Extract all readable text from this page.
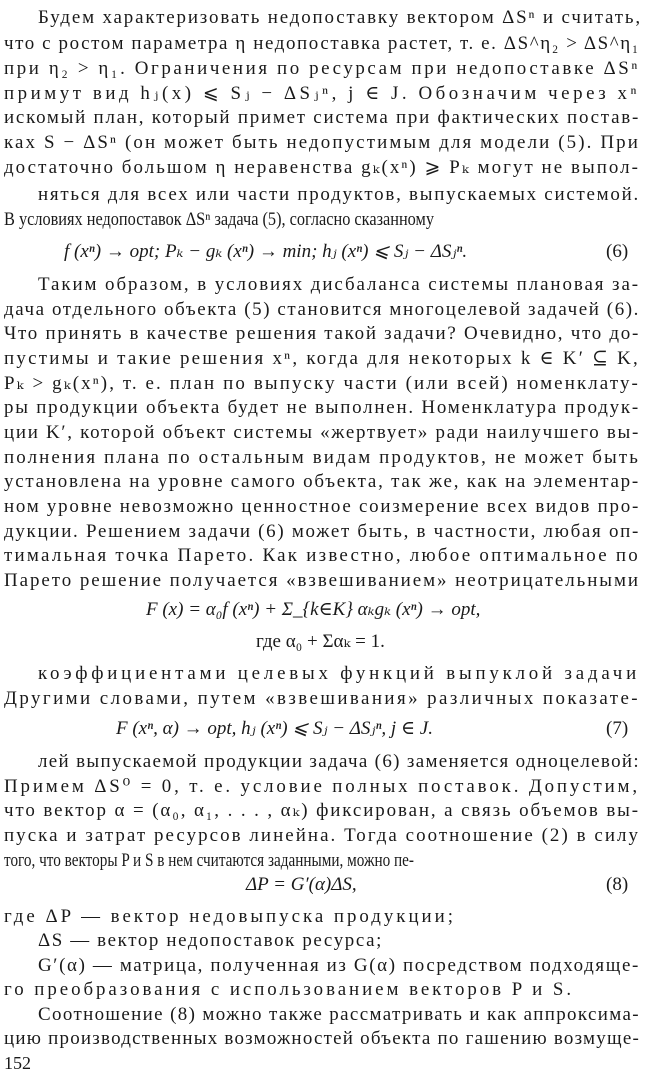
Будем характеризовать недопоставку вектором ΔSⁿ и считать,
что с ростом параметра η недопоставка растет, т. е. ΔS^η₂ > ΔS^η₁
при η₂ > η₁. Ограничения по ресурсам при недопоставке ΔSⁿ
примут вид hⱼ(x) ⩽ Sⱼ − ΔSⱼⁿ, j ∈ J. Обозначим через xⁿ
искомый план, который примет система при фактических постав-
ках S − ΔSⁿ (он может быть недопустимым для модели (5). При
достаточно большом η неравенства gₖ(xⁿ) ⩾ Pₖ могут не выпол-
няться для всех или части продуктов, выпускаемых системой.
В условиях недопоставок ΔSⁿ задача (5), согласно сказанному
f (xⁿ) → opt; Pₖ − gₖ (xⁿ) → min; hⱼ (xⁿ) ⩽ Sⱼ − ΔSⱼⁿ.	(6)
Таким образом, в условиях дисбаланса системы плановая за-
дача отдельного объекта (5) становится многоцелевой задачей (6).
Что принять в качестве решения такой задачи? Очевидно, что до-
пустимы и такие решения xⁿ, когда для некоторых k ∈ K′ ⊆ K,
Pₖ > gₖ(xⁿ), т. е. план по выпуску части (или всей) номенклату-
ры продукции объекта будет не выполнен. Номенклатура продук-
ции K′, которой объект системы «жертвует» ради наилучшего вы-
полнения плана по остальным видам продуктов, не может быть
установлена на уровне самого объекта, так же, как на элементар-
ном уровне невозможно ценностное соизмерение всех видов про-
дукции. Решением задачи (6) может быть, в частности, любая оп-
тимальная точка Парето. Как известно, любое оптимальное по
Парето решение получается «взвешиванием» неотрицательными
F (x) = α₀f (xⁿ) + Σ_{k∈K} αₖgₖ (xⁿ) → opt,
где α₀ + Σαₖ = 1.
коэффициентами целевых функций выпуклой задачи
Другими словами, путем «взвешивания» различных показате-
F (xⁿ, α) → opt, hⱼ (xⁿ) ⩽ Sⱼ − ΔSⱼⁿ, j ∈ J.	(7)
лей выпускаемой продукции задача (6) заменяется одноцелевой:
Примем ΔS⁰ = 0, т. е. условие полных поставок. Допустим,
что вектор α = (α₀, α₁, . . . , αₖ) фиксирован, а связь объемов вы-
пуска и затрат ресурсов линейна. Тогда соотношение (2) в силу
того, что векторы P и S в нем считаются заданными, можно пе-
ΔP = G′(α)ΔS,	(8)
где ΔP — вектор недовыпуска продукции;
ΔS — вектор недопоставок ресурса;
G′(α) — матрица, полученная из G(α) посредством подходяще-
го преобразования с использованием векторов P и S.
Соотношение (8) можно также рассматривать и как аппроксима-
цию производственных возможностей объекта по гашению возмуще-
152
